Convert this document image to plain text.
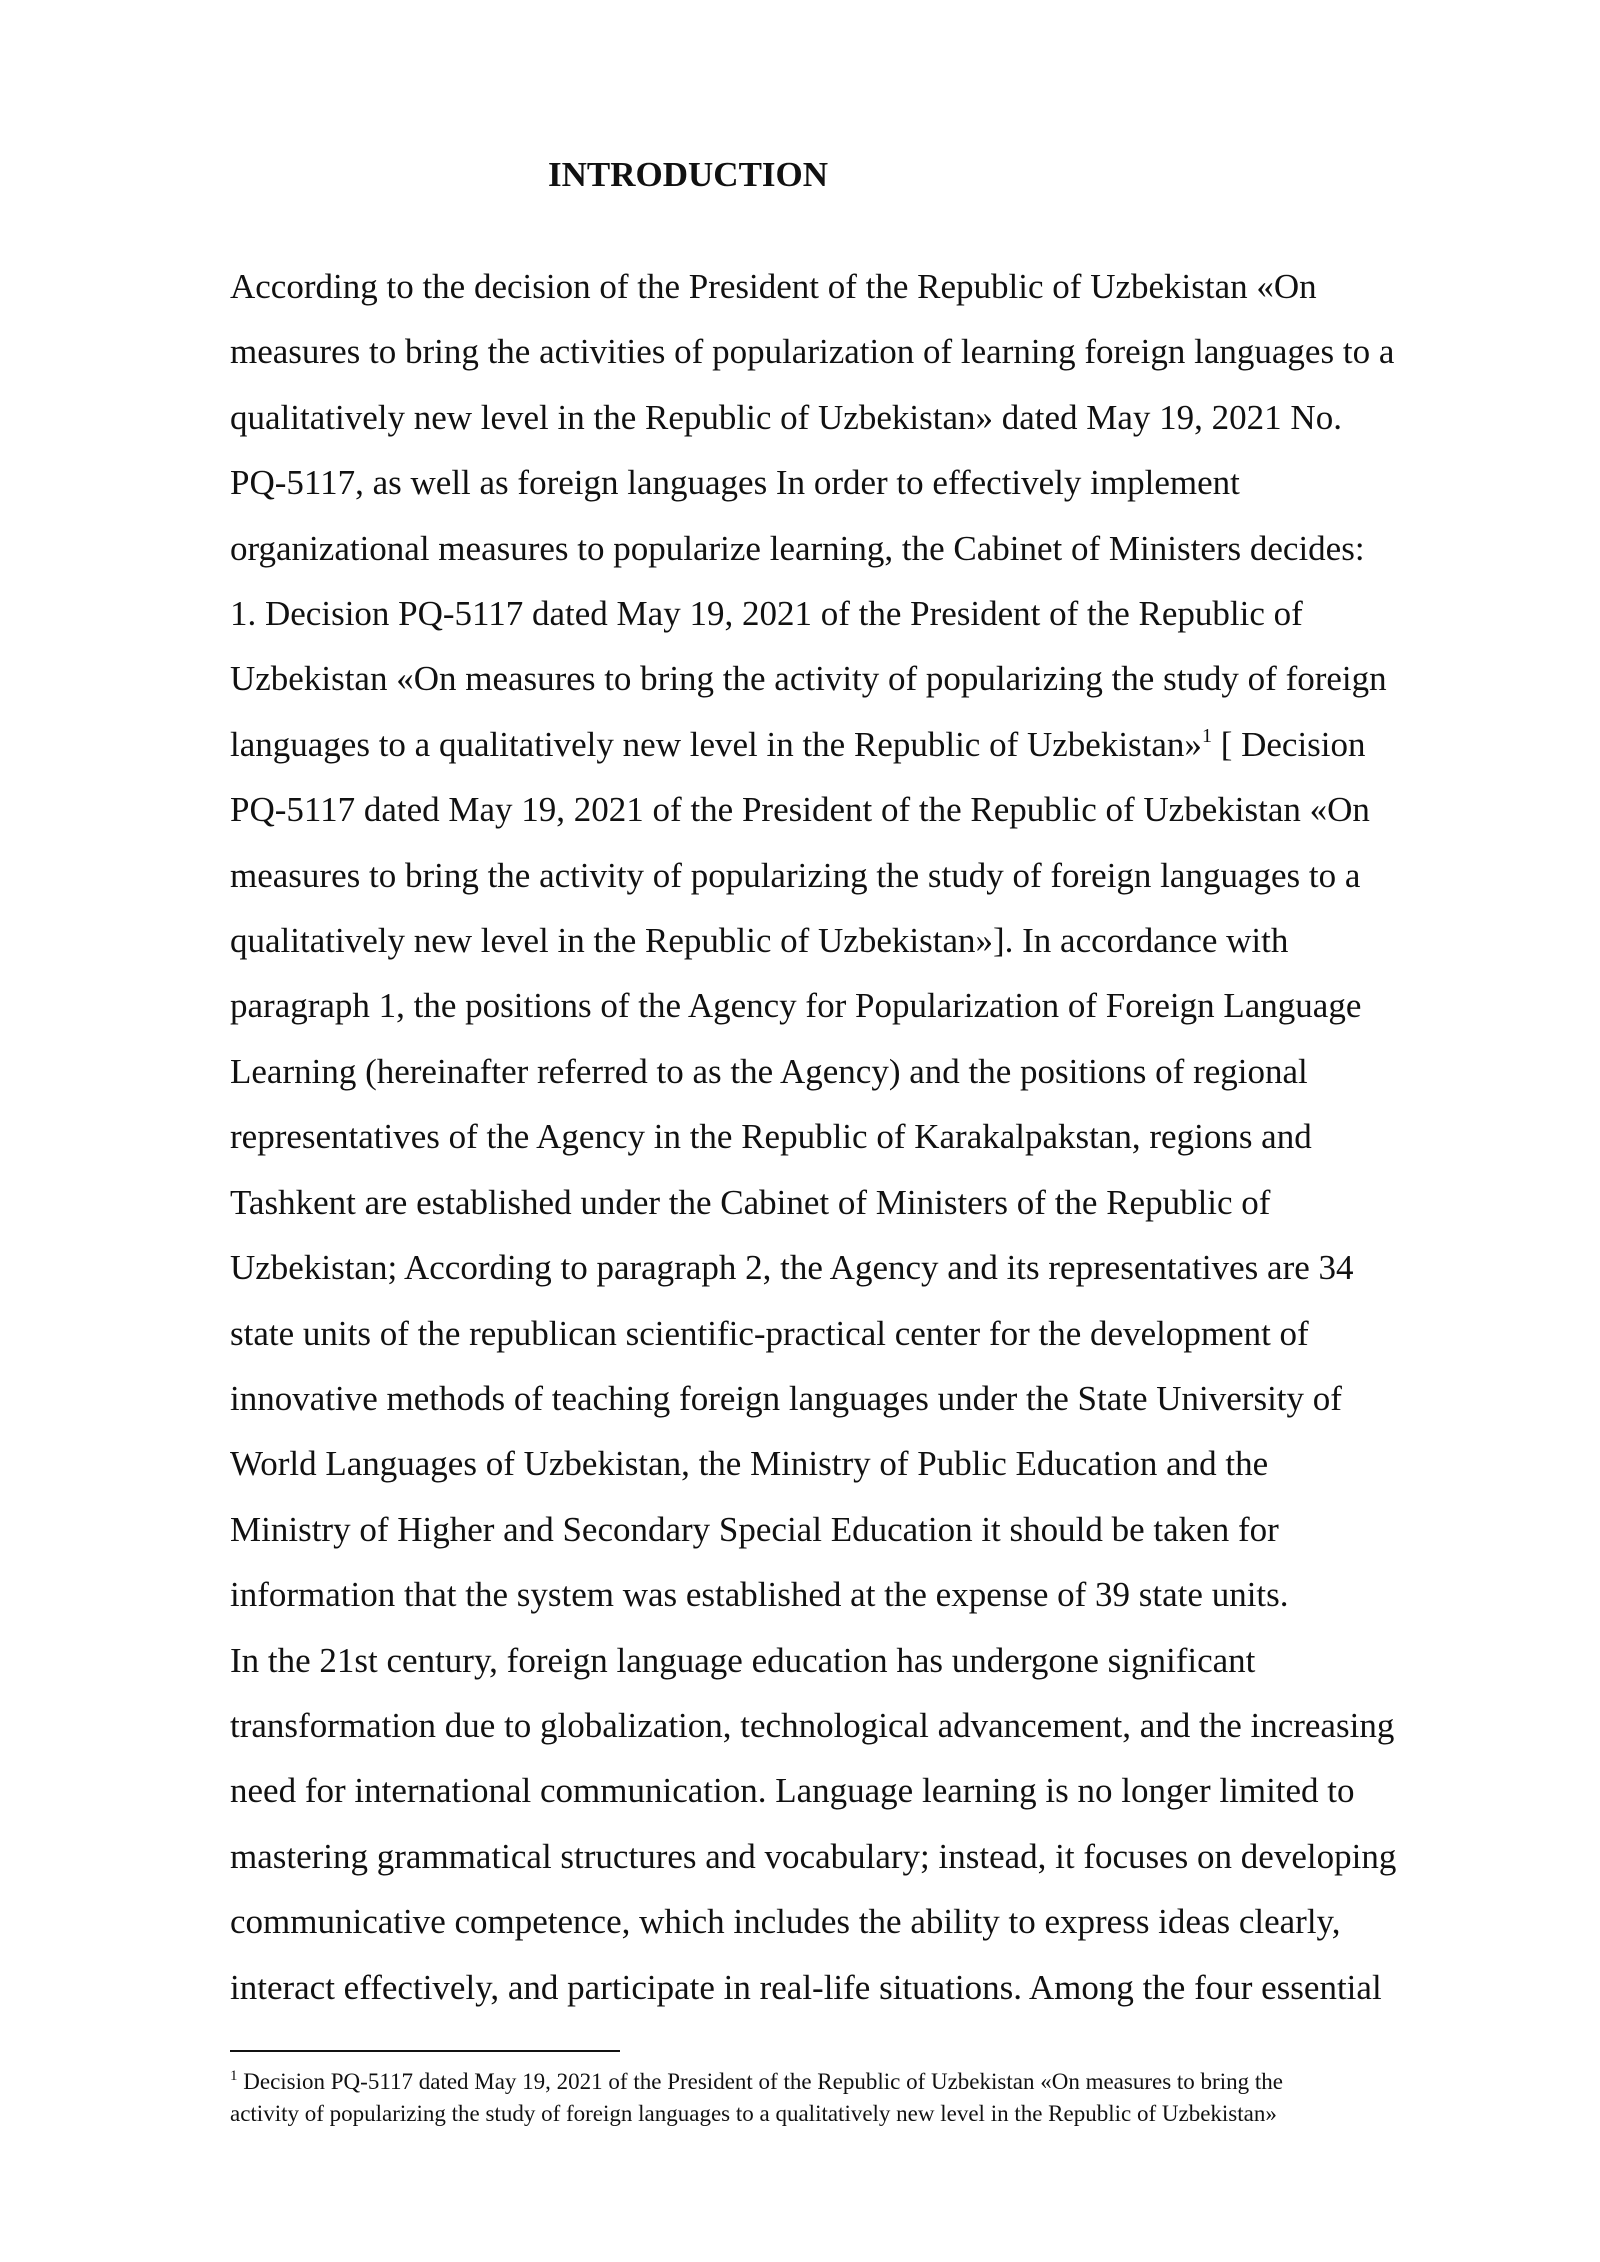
INTRODUCTION
According to the decision of the President of the Republic of Uzbekistan «On
measures to bring the activities of popularization of learning foreign languages to a
qualitatively new level in the Republic of Uzbekistan» dated May 19, 2021 No.
PQ-5117, as well as foreign languages In order to effectively implement
organizational measures to popularize learning, the Cabinet of Ministers decides:
1. Decision PQ-5117 dated May 19, 2021 of the President of the Republic of
Uzbekistan «On measures to bring the activity of popularizing the study of foreign
languages to a qualitatively new level in the Republic of Uzbekistan»$^1$ [ Decision
PQ-5117 dated May 19, 2021 of the President of the Republic of Uzbekistan «On
measures to bring the activity of popularizing the study of foreign languages to a
qualitatively new level in the Republic of Uzbekistan»]. In accordance with
paragraph 1, the positions of the Agency for Popularization of Foreign Language
Learning (hereinafter referred to as the Agency) and the positions of regional
representatives of the Agency in the Republic of Karakalpakstan, regions and
Tashkent are established under the Cabinet of Ministers of the Republic of
Uzbekistan; According to paragraph 2, the Agency and its representatives are 34
state units of the republican scientific-practical center for the development of
innovative methods of teaching foreign languages under the State University of
World Languages of Uzbekistan, the Ministry of Public Education and the
Ministry of Higher and Secondary Special Education it should be taken for
information that the system was established at the expense of 39 state units.
In the 21st century, foreign language education has undergone significant
transformation due to globalization, technological advancement, and the increasing
need for international communication. Language learning is no longer limited to
mastering grammatical structures and vocabulary; instead, it focuses on developing
communicative competence, which includes the ability to express ideas clearly,
interact effectively, and participate in real-life situations. Among the four essential
$^1$ Decision PQ-5117 dated May 19, 2021 of the President of the Republic of Uzbekistan «On measures to bring the
activity of popularizing the study of foreign languages to a qualitatively new level in the Republic of Uzbekistan»
